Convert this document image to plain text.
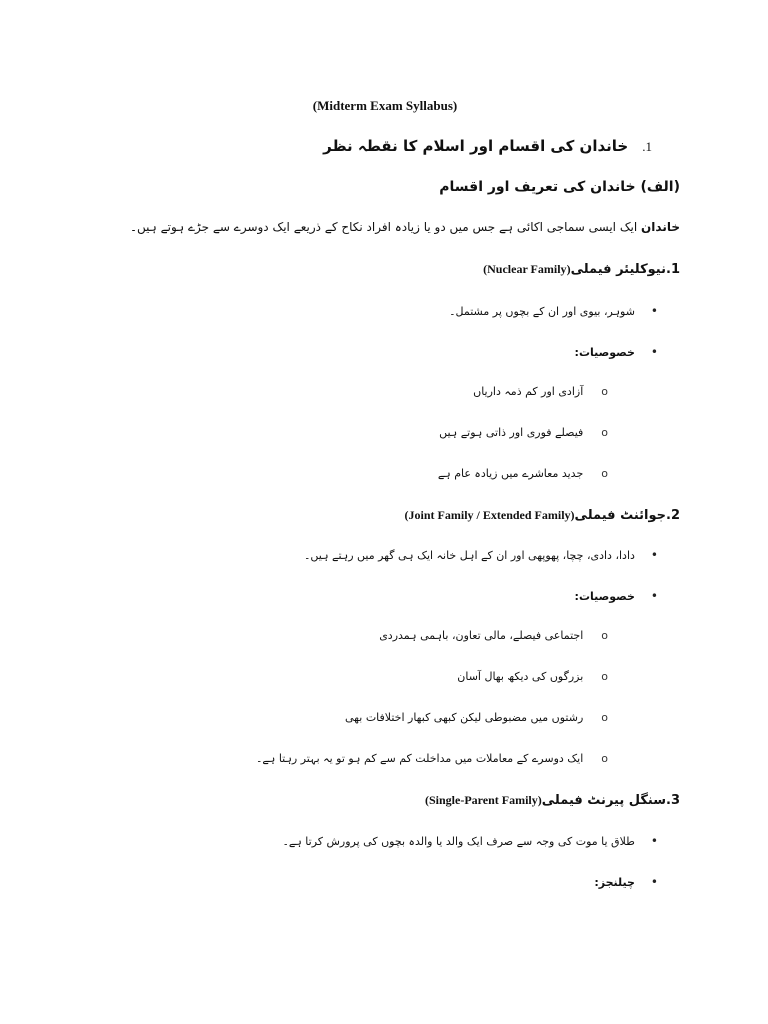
(Midterm Exam Syllabus)
1.خاندان کی اقسام اور اسلام کا نقطہ نظر
(الف) خاندان کی تعریف اور اقسام
خاندان ایک ایسی سماجی اکائی ہے جس میں دو یا زیادہ افراد نکاح کے ذریعے ایک دوسرے سے جڑے ہوتے ہیں۔
1.نیوکلیئر فیملی(Nuclear Family)
•
شوہر، بیوی اور ان کے بچوں پر مشتمل۔
•
خصوصیات:
o
آزادی اور کم ذمہ داریاں
o
فیصلے فوری اور ذاتی ہوتے ہیں
o
جدید معاشرے میں زیادہ عام ہے
2.جوائنٹ فیملی(Joint Family / Extended Family)
•
دادا، دادی، چچا، پھوپھی اور ان کے اہل خانہ ایک ہی گھر میں رہتے ہیں۔
•
خصوصیات:
o
اجتماعی فیصلے، مالی تعاون، باہمی ہمدردی
o
بزرگوں کی دیکھ بھال آسان
o
رشتوں میں مضبوطی لیکن کبھی کبھار اختلافات بھی
o
ایک دوسرے کے معاملات میں مداخلت کم سے کم ہو تو یہ بہتر رہتا ہے۔
3.سنگل پیرنٹ فیملی(Single-Parent Family)
•
طلاق یا موت کی وجہ سے صرف ایک والد یا والدہ بچوں کی پرورش کرتا ہے۔
•
چیلنجز:
